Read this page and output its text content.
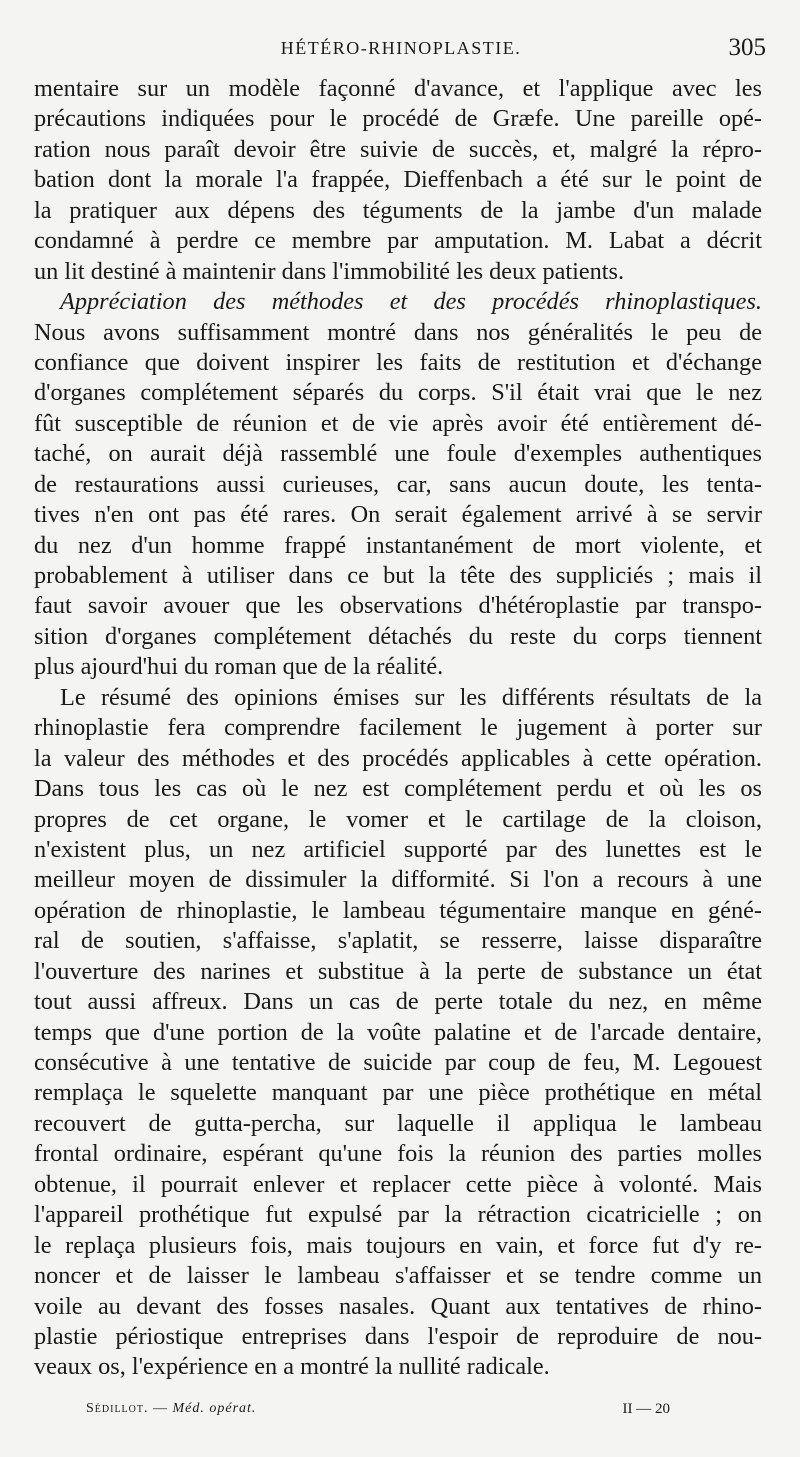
HÉTÉRO-RHINOPLASTIE.	305
mentaire sur un modèle façonné d'avance, et l'applique avec les
précautions indiquées pour le procédé de Græfe. Une pareille opé-
ration nous paraît devoir être suivie de succès, et, malgré la répro-
bation dont la morale l'a frappée, Dieffenbach a été sur le point de
la pratiquer aux dépens des téguments de la jambe d'un malade
condamné à perdre ce membre par amputation. M. Labat a décrit
un lit destiné à maintenir dans l'immobilité les deux patients.
Appréciation des méthodes et des procédés rhinoplastiques.
Nous avons suffisamment montré dans nos généralités le peu de
confiance que doivent inspirer les faits de restitution et d'échange
d'organes complétement séparés du corps. S'il était vrai que le nez
fût susceptible de réunion et de vie après avoir été entièrement dé-
taché, on aurait déjà rassemblé une foule d'exemples authentiques
de restaurations aussi curieuses, car, sans aucun doute, les tenta-
tives n'en ont pas été rares. On serait également arrivé à se servir
du nez d'un homme frappé instantanément de mort violente, et
probablement à utiliser dans ce but la tête des suppliciés ; mais il
faut savoir avouer que les observations d'hétéroplastie par transpo-
sition d'organes complétement détachés du reste du corps tiennent
plus ajourd'hui du roman que de la réalité.
Le résumé des opinions émises sur les différents résultats de la
rhinoplastie fera comprendre facilement le jugement à porter sur
la valeur des méthodes et des procédés applicables à cette opération.
Dans tous les cas où le nez est complétement perdu et où les os
propres de cet organe, le vomer et le cartilage de la cloison,
n'existent plus, un nez artificiel supporté par des lunettes est le
meilleur moyen de dissimuler la difformité. Si l'on a recours à une
opération de rhinoplastie, le lambeau tégumentaire manque en géné-
ral de soutien, s'affaisse, s'aplatit, se resserre, laisse disparaître
l'ouverture des narines et substitue à la perte de substance un état
tout aussi affreux. Dans un cas de perte totale du nez, en même
temps que d'une portion de la voûte palatine et de l'arcade dentaire,
consécutive à une tentative de suicide par coup de feu, M. Legouest
remplaça le squelette manquant par une pièce prothétique en métal
recouvert de gutta-percha, sur laquelle il appliqua le lambeau
frontal ordinaire, espérant qu'une fois la réunion des parties molles
obtenue, il pourrait enlever et replacer cette pièce à volonté. Mais
l'appareil prothétique fut expulsé par la rétraction cicatricielle ; on
le replaça plusieurs fois, mais toujours en vain, et force fut d'y re-
noncer et de laisser le lambeau s'affaisser et se tendre comme un
voile au devant des fosses nasales. Quant aux tentatives de rhino-
plastie périostique entreprises dans l'espoir de reproduire de nou-
veaux os, l'expérience en a montré la nullité radicale.
Sédillot. — Méd. opérat.	II — 20
